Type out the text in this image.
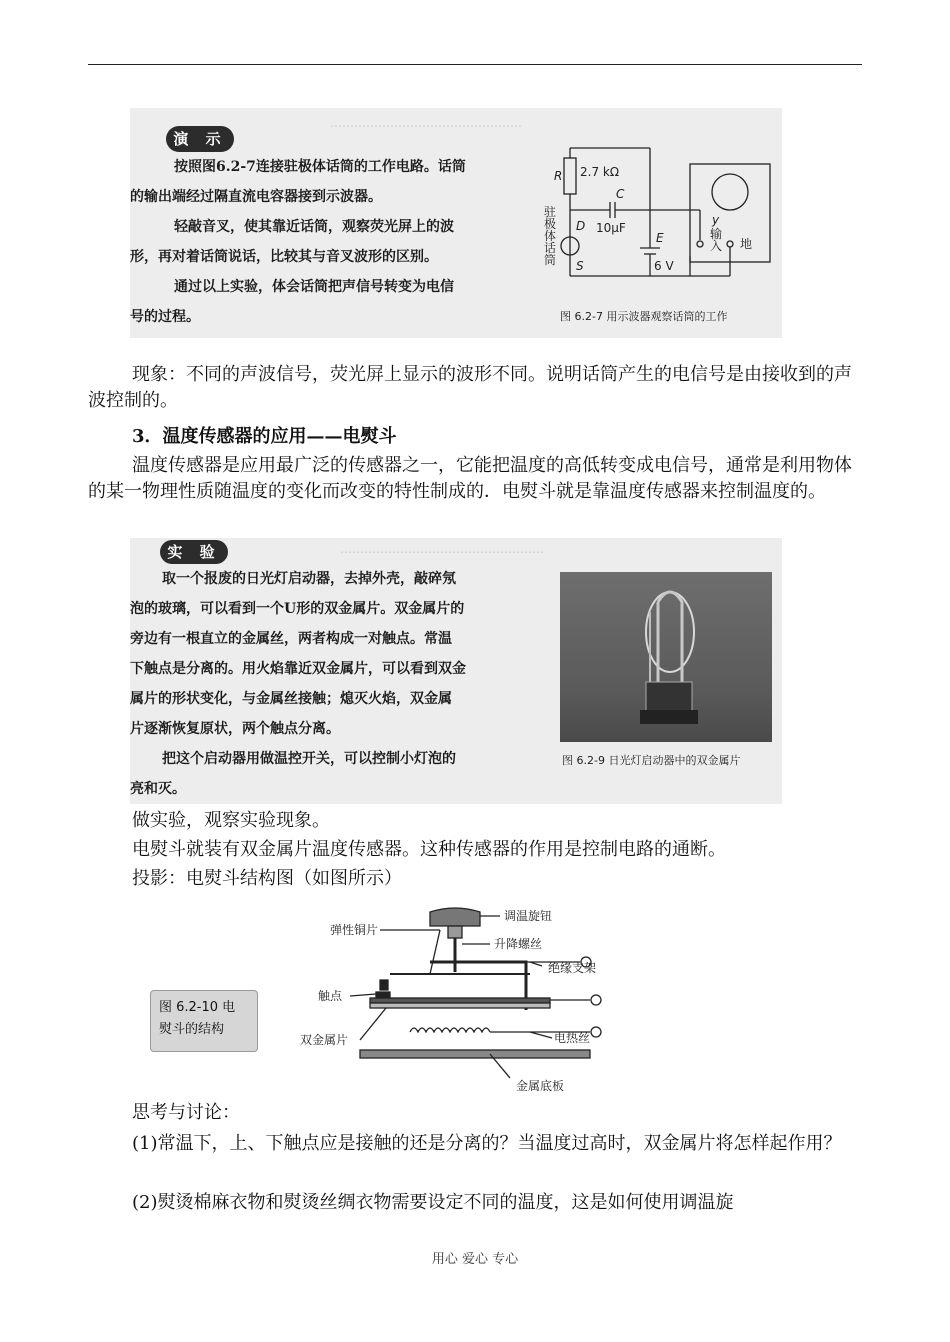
…………………………………………
演 示
按照图6.2-7连接驻极体话筒的工作电路。话筒
的输出端经过隔直流电容器接到示波器。
轻敲音叉，使其靠近话筒，观察荧光屏上的波
形，再对着话筒说话，比较其与音叉波形的区别。
通过以上实验，体会话筒把声信号转变为电信
号的过程。
R 2.7 kΩ
C
10μF
E
6 V
D
S
驻
极
体
话
筒
y
输
入 地
图 6.2-7 用示波器观察话筒的工作
现象：不同的声波信号，荧光屏上显示的波形不同。说明话筒产生的电信号是由接收到的声波控制的。
3．温度传感器的应用——电熨斗
温度传感器是应用最广泛的传感器之一，它能把温度的高低转变成电信号，通常是利用物体的某一物理性质随温度的变化而改变的特性制成的．电熨斗就是靠温度传感器来控制温度的。
……………………………………………
实 验
取一个报废的日光灯启动器，去掉外壳，敲碎氖
泡的玻璃，可以看到一个U形的双金属片。双金属片的
旁边有一根直立的金属丝，两者构成一对触点。常温
下触点是分离的。用火焰靠近双金属片，可以看到双金
属片的形状变化，与金属丝接触；熄灭火焰，双金属
片逐渐恢复原状，两个触点分离。
把这个启动器用做温控开关，可以控制小灯泡的
亮和灭。
图 6.2-9 日光灯启动器中的双金属片
做实验，观察实验现象。
电熨斗就装有双金属片温度传感器。这种传感器的作用是控制电路的通断。
投影：电熨斗结构图（如图所示）
图 6.2-10 电
熨斗的结构
调温旋钮
弹性铜片
升降螺丝
绝缘支架
触点
双金属片	电热丝
金属底板
思考与讨论：
(1)常温下，上、下触点应是接触的还是分离的？当温度过高时，双金属片将怎样起作用？
(2)熨烫棉麻衣物和熨烫丝绸衣物需要设定不同的温度，这是如何使用调温旋
用心 爱心 专心
